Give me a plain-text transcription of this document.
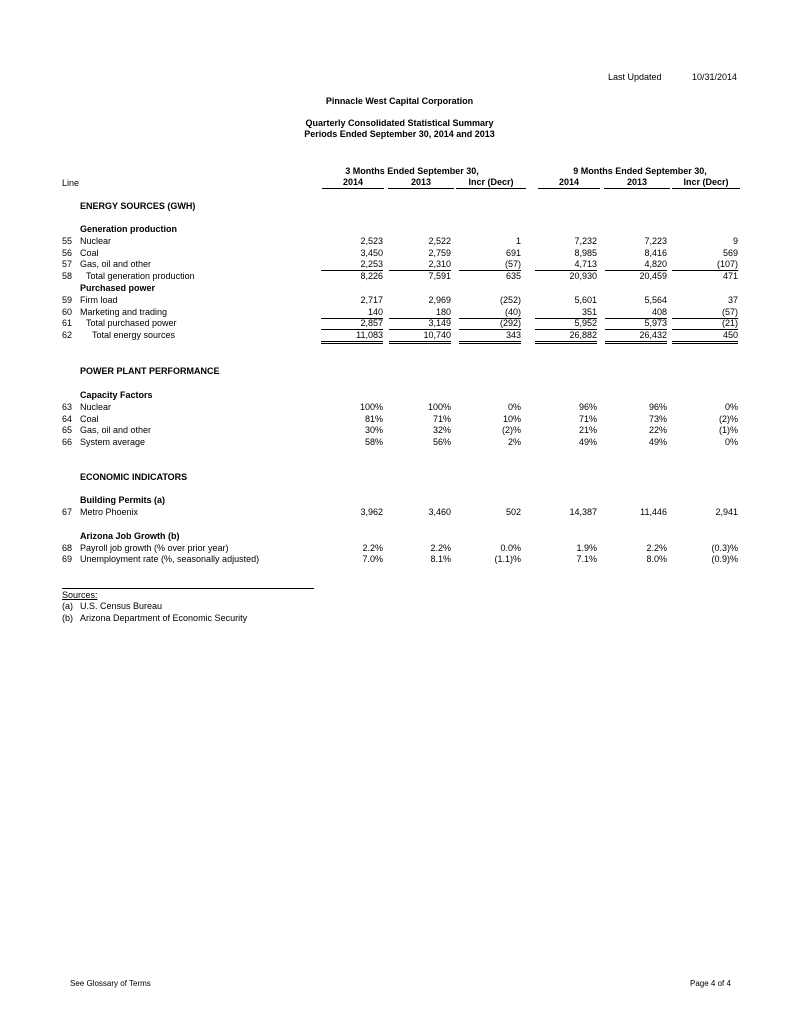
Last Updated	10/31/2014
Pinnacle West Capital Corporation
Quarterly Consolidated Statistical Summary
Periods Ended September 30, 2014 and 2013
3 Months Ended September 30,	9 Months Ended September 30,
Line	2014	2013	Incr (Decr)	2014	2013	Incr (Decr)
ENERGY SOURCES (GWH)
Generation production
Purchased power
POWER PLANT PERFORMANCE
Capacity Factors
ECONOMIC INDICATORS
Building Permits (a)
Arizona Job Growth (b)
55 Nuclear	2,523	2,522	1	7,232	7,223	9
56 Coal	3,450	2,759	691	8,985	8,416	569
57 Gas, oil and other	2,253	2,310	(57)	4,713	4,820	(107)
58 Total generation production	8,226	7,591	635	20,930	20,459	471
59 Firm load	2,717	2,969	(252)	5,601	5,564	37
60 Marketing and trading	140	180	(40)	351	408	(57)
61 Total purchased power	2,857	3,149	(292)	5,952	5,973	(21)
62 Total energy sources	11,083	10,740	343	26,882	26,432	450
63 Nuclear	100%	100%	0%	96%	96%	0%
64 Coal	81%	71%	10%	71%	73%	(2)%
65 Gas, oil and other	30%	32%	(2)%	21%	22%	(1)%
66 System average	58%	56%	2%	49%	49%	0%
67 Metro Phoenix	3,962	3,460	502	14,387	11,446	2,941
68 Payroll job growth (% over prior year)	2.2%	2.2%	0.0%	1.9%	2.2%	(0.3)%
69 Unemployment rate (%, seasonally adjusted)	7.0%	8.1%	(1.1)%	7.1%	8.0%	(0.9)%
Sources:
(a) U.S. Census Bureau
(b) Arizona Department of Economic Security
See Glossary of Terms	Page 4 of 4
